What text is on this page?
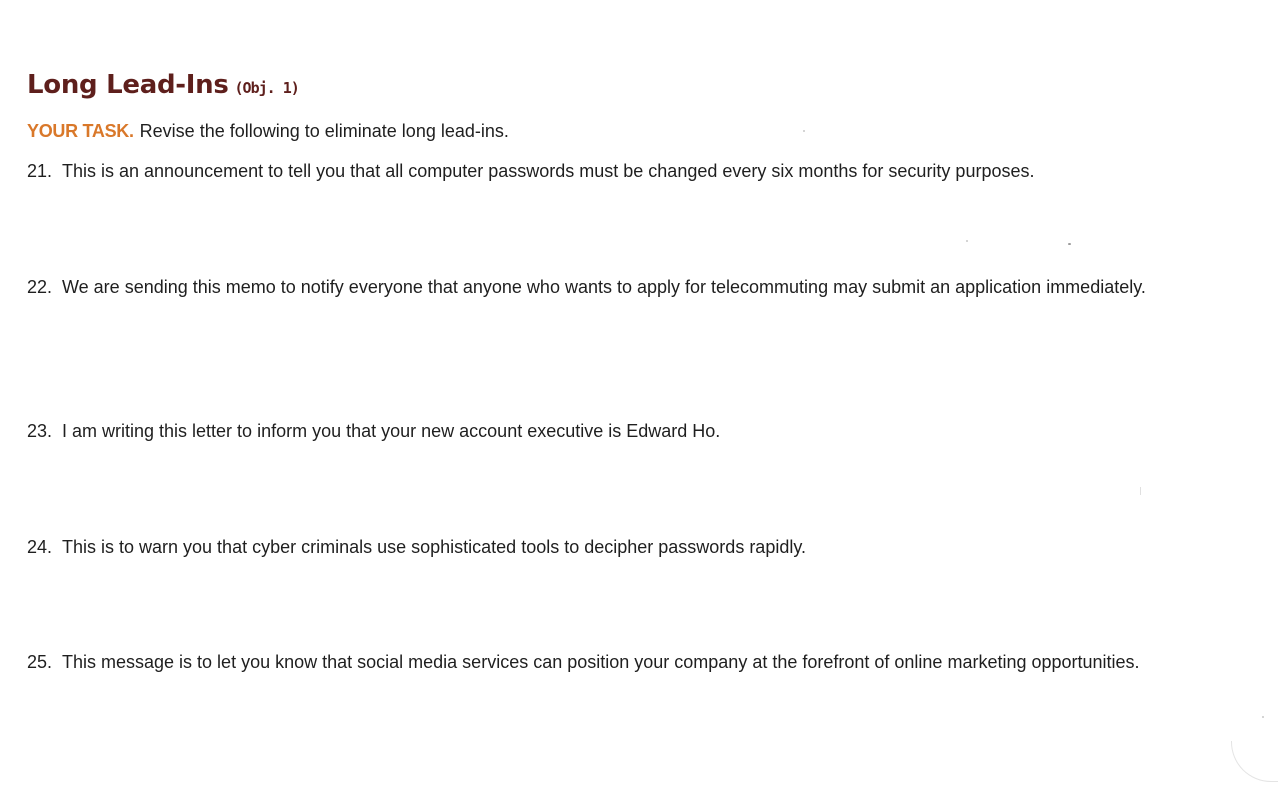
Long Lead-Ins (Obj. 1)

YOUR TASK. Revise the following to eliminate long lead-ins.

21. This is an announcement to tell you that all computer passwords must be changed every six months for security purposes.
22. We are sending this memo to notify everyone that anyone who wants to apply for telecommuting may submit an application immediately.
23. I am writing this letter to inform you that your new account executive is Edward Ho.
24. This is to warn you that cyber criminals use sophisticated tools to decipher passwords rapidly.
25. This message is to let you know that social media services can position your company at the forefront of online marketing opportunities.
